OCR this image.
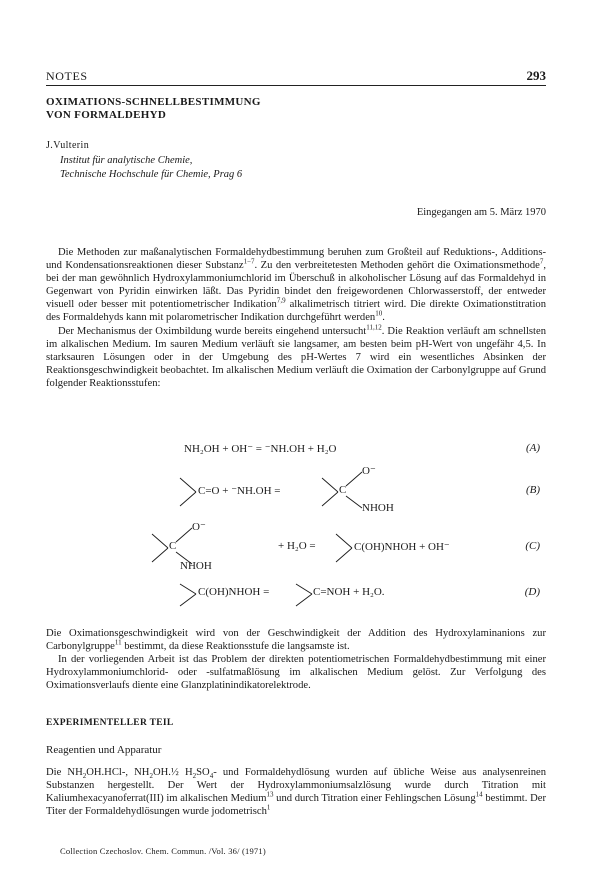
NOTES	293
OXIMATIONS-SCHNELLBESTIMMUNG
VON FORMALDEHYD
J.Vulterin
Institut für analytische Chemie,
Technische Hochschule für Chemie, Prag 6
Eingegangen am 5. März 1970

Die Methoden zur maßanalytischen Formaldehydbestimmung beruhen zum Großteil auf Reduktions-, Additions- und Kondensationsreaktionen dieser Substanz$^{1-7}$. Zu den verbreitetesten Methoden gehört die Oximationsmethode$^7$, bei der man gewöhnlich Hydroxylammoniumchlorid im Überschuß in alkoholischer Lösung auf das Formaldehyd in Gegenwart von Pyridin einwirken läßt. Das Pyridin bindet den freigewordenen Chlorwasserstoff, der entweder visuell oder besser mit potentiometrischer Indikation$^{7,9}$ alkalimetrisch titriert wird. Die direkte Oximationstitration des Formaldehyds kann mit polarometrischer Indikation durchgeführt werden$^{10}$.

Der Mechanismus der Oximbildung wurde bereits eingehend untersucht$^{11,12}$. Die Reaktion verläuft am schnellsten im alkalischen Medium. Im sauren Medium verläuft sie langsamer, am besten beim pH-Wert von ungefähr 4,5. In starksauren Lösungen oder in der Umgebung des pH-Wertes 7 wird ein wesentliches Absinken der Reaktionsgeschwindigkeit beobachtet. Im alkalischen Medium verläuft die Oximation der Carbonylgruppe auf Grund folgender Reaktionsstufen:

NH₂OH + OH⁻ = ⁻NH.OH + H₂O	(A)
C=O + ⁻NH.OH =
O⁻
C
NHOH
(B)
O⁻
C
NHOH
+ H₂O =	C(OH)NHOH + OH⁻	(C)
C(OH)NHOH =	C=NOH + H₂O.	(D)

Die Oximationsgeschwindigkeit wird von der Geschwindigkeit der Addition des Hydroxylaminanions zur Carbonylgruppe$^{11}$ bestimmt, da diese Reaktionsstufe die langsamste ist.

In der vorliegenden Arbeit ist das Problem der direkten potentiometrischen Formaldehydbestimmung mit einer Hydroxylammoniumchlorid- oder -sulfatmaßlösung im alkalischen Medium gelöst. Zur Verfolgung des Oximationsverlaufs diente eine Glanzplatinindikatorelektrode.

EXPERIMENTELLER TEIL
Reagentien und Apparatur

Die $NH_2OH.HCl-$, $NH_2OH.\frac{1}{2}$ $H_2SO_4-$ und Formaldehydlösung wurden auf übliche Weise aus analysenreinen Substanzen hergestellt. Der Wert der Hydroxylammoniumsalzlösung wurde durch Titration mit Kaliumhexacyanoferrat(III) im alkalischen Medium$^{13}$ und durch Titration einer Fehlingschen Lösung$^{14}$ bestimmt. Der Titer der Formaldehydlösungen wurde jodometrisch$^1$

Collection Czechoslov. Chem. Commun. /Vol. 36/ (1971)
